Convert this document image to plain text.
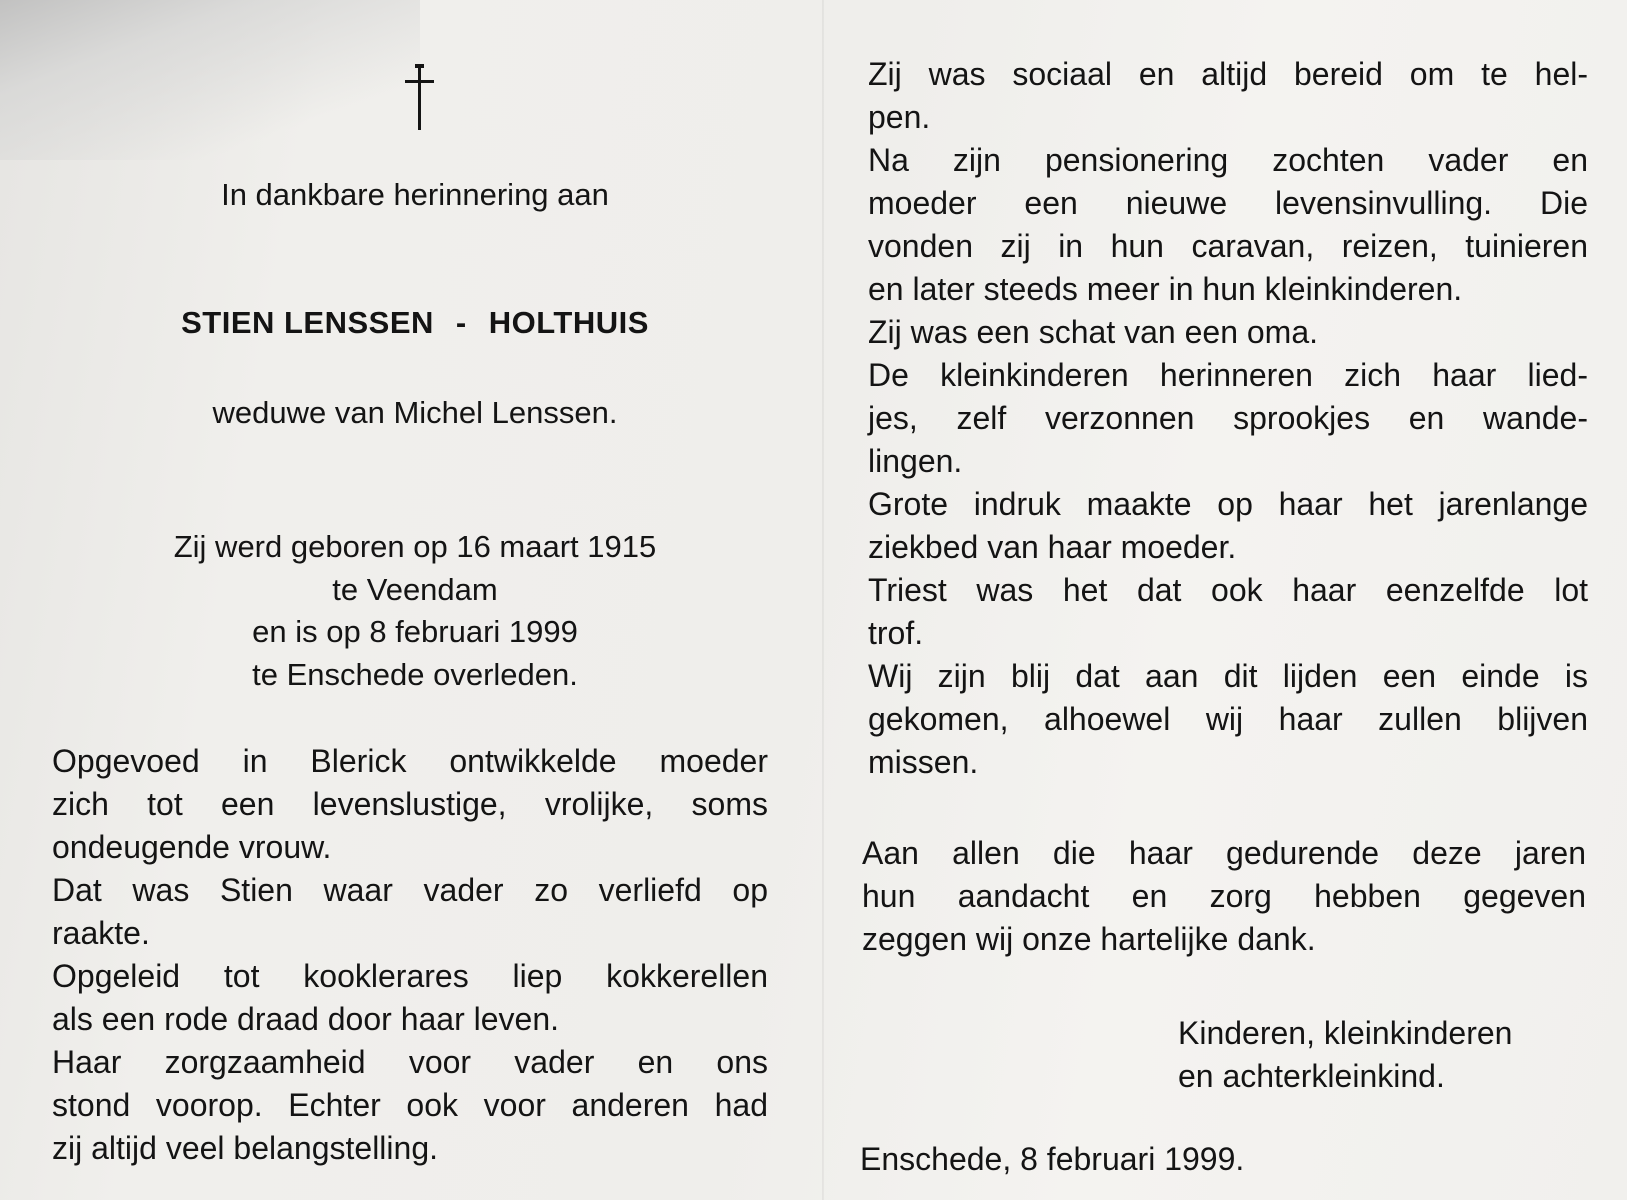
In dankbare herinnering aan
STIEN LENSSEN - HOLTHUIS
weduwe van Michel Lenssen.
Zij werd geboren op 16 maart 1915
te Veendam
en is op 8 februari 1999
te Enschede overleden.
Opgevoed in Blerick ontwikkelde moeder
zich tot een levenslustige, vrolijke, soms
ondeugende vrouw.
Dat was Stien waar vader zo verliefd op
raakte.
Opgeleid tot kooklerares liep kokkerellen
als een rode draad door haar leven.
Haar zorgzaamheid voor vader en ons
stond voorop. Echter ook voor anderen had
zij altijd veel belangstelling.
Zij was sociaal en altijd bereid om te hel-
pen.
Na zijn pensionering zochten vader en
moeder een nieuwe levensinvulling. Die
vonden zij in hun caravan, reizen, tuinieren
en later steeds meer in hun kleinkinderen.
Zij was een schat van een oma.
De kleinkinderen herinneren zich haar lied-
jes, zelf verzonnen sprookjes en wande-
lingen.
Grote indruk maakte op haar het jarenlange
ziekbed van haar moeder.
Triest was het dat ook haar eenzelfde lot
trof.
Wij zijn blij dat aan dit lijden een einde is
gekomen, alhoewel wij haar zullen blijven
missen.
Aan allen die haar gedurende deze jaren
hun aandacht en zorg hebben gegeven
zeggen wij onze hartelijke dank.
Kinderen, kleinkinderen
en achterkleinkind.
Enschede, 8 februari 1999.
